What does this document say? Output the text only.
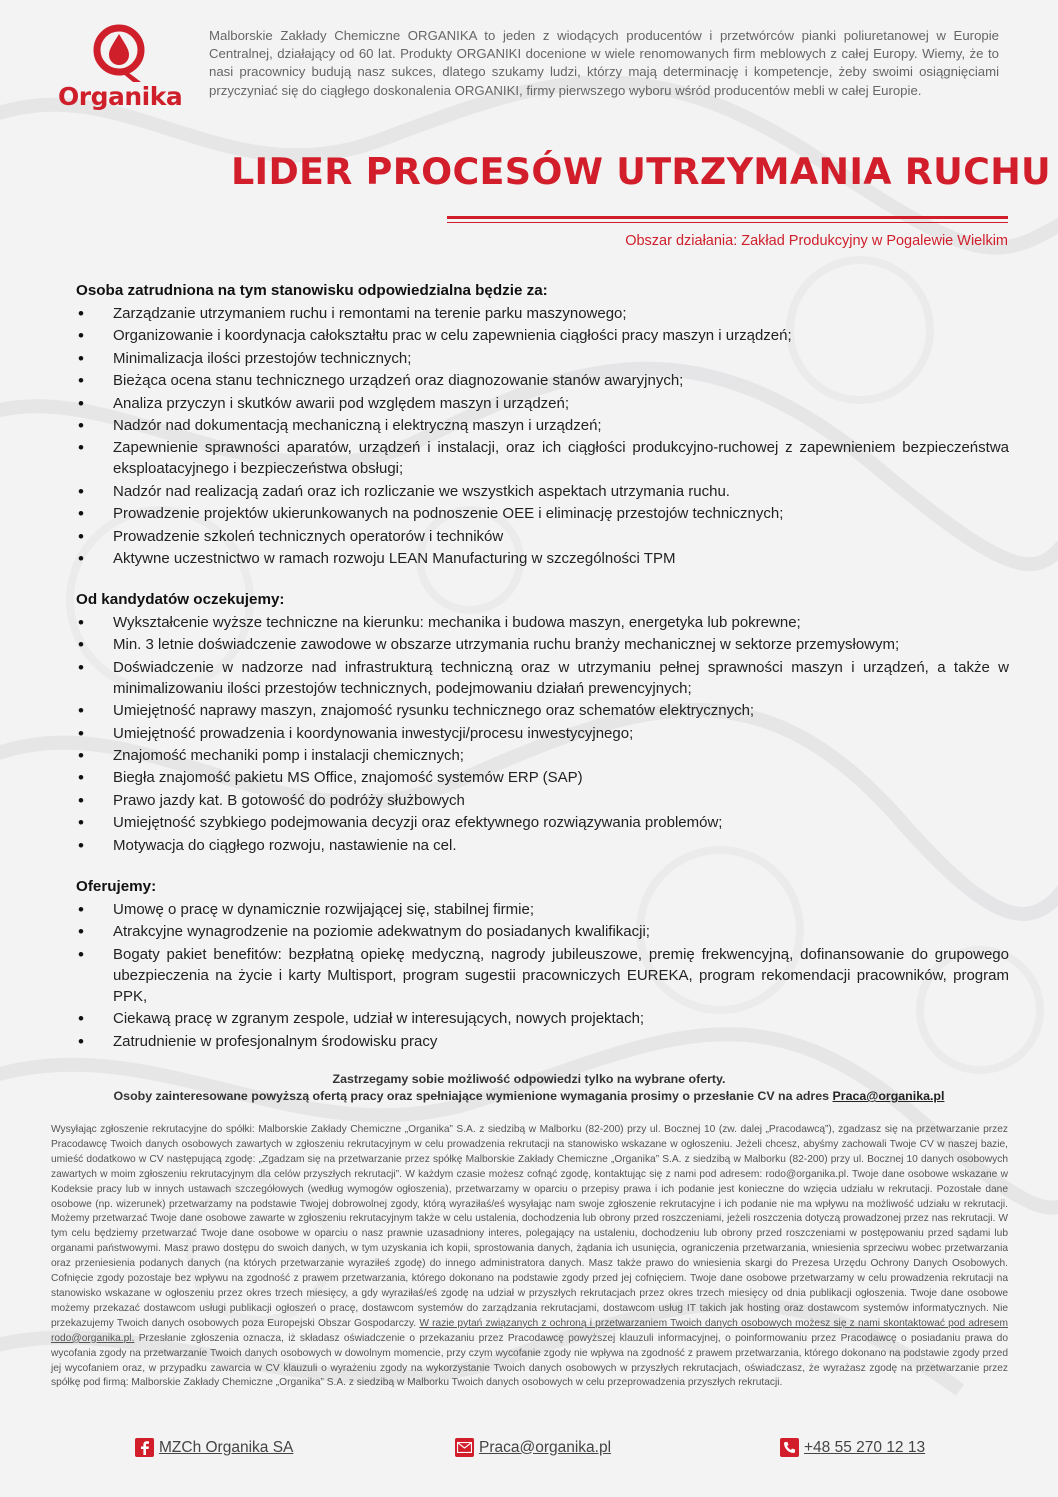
Organika
Malborskie Zakłady Chemiczne ORGANIKA to jeden z wiodących producentów i przetwórców pianki poliuretanowej w Europie Centralnej, działający od 60 lat. Produkty ORGANIKI docenione w wiele renomowanych firm meblowych z całej Europy. Wiemy, że to nasi pracownicy budują nasz sukces, dlatego szukamy ludzi, którzy mają determinację i kompetencje, żeby swoimi osiągnięciami przyczyniać się do ciągłego doskonalenia ORGANIKI, firmy pierwszego wyboru wśród producentów mebli w całej Europie.
LIDER PROCESÓW UTRZYMANIA RUCHU
Obszar działania: Zakład Produkcyjny w Pogalewie Wielkim
Osoba zatrudniona na tym stanowisku odpowiedzialna będzie za:
• Zarządzanie utrzymaniem ruchu i remontami na terenie parku maszynowego;
• Organizowanie i koordynacja całokształtu prac w celu zapewnienia ciągłości pracy maszyn i urządzeń;
• Minimalizacja ilości przestojów technicznych;
• Bieżąca ocena stanu technicznego urządzeń oraz diagnozowanie stanów awaryjnych;
• Analiza przyczyn i skutków awarii pod względem maszyn i urządzeń;
• Nadzór nad dokumentacją mechaniczną i elektryczną maszyn i urządzeń;
• Zapewnienie sprawności aparatów, urządzeń i instalacji, oraz ich ciągłości produkcyjno-ruchowej z zapewnieniem bezpieczeństwa eksploatacyjnego i bezpieczeństwa obsługi;
• Nadzór nad realizacją zadań oraz ich rozliczanie we wszystkich aspektach utrzymania ruchu.
• Prowadzenie projektów ukierunkowanych na podnoszenie OEE i eliminację przestojów technicznych;
• Prowadzenie szkoleń technicznych operatorów i techników
• Aktywne uczestnictwo w ramach rozwoju LEAN Manufacturing w szczególności TPM
Od kandydatów oczekujemy:
• Wykształcenie wyższe techniczne na kierunku: mechanika i budowa maszyn, energetyka lub pokrewne;
• Min. 3 letnie doświadczenie zawodowe w obszarze utrzymania ruchu branży mechanicznej w sektorze przemysłowym;
• Doświadczenie w nadzorze nad infrastrukturą techniczną oraz w utrzymaniu pełnej sprawności maszyn i urządzeń, a także w minimalizowaniu ilości przestojów technicznych, podejmowaniu działań prewencyjnych;
• Umiejętność naprawy maszyn, znajomość rysunku technicznego oraz schematów elektrycznych;
• Umiejętność prowadzenia i koordynowania inwestycji/procesu inwestycyjnego;
• Znajomość mechaniki pomp i instalacji chemicznych;
• Biegła znajomość pakietu MS Office, znajomość systemów ERP (SAP)
• Prawo jazdy kat. B gotowość do podróży służbowych
• Umiejętność szybkiego podejmowania decyzji oraz efektywnego rozwiązywania problemów;
• Motywacja do ciągłego rozwoju, nastawienie na cel.
Oferujemy:
• Umowę o pracę w dynamicznie rozwijającej się, stabilnej firmie;
• Atrakcyjne wynagrodzenie na poziomie adekwatnym do posiadanych kwalifikacji;
• Bogaty pakiet benefitów: bezpłatną opiekę medyczną, nagrody jubileuszowe, premię frekwencyjną, dofinansowanie do grupowego ubezpieczenia na życie i karty Multisport, program sugestii pracowniczych EUREKA, program rekomendacji pracowników, program PPK,
• Ciekawą pracę w zgranym zespole, udział w interesujących, nowych projektach;
• Zatrudnienie w profesjonalnym środowisku pracy
Zastrzegamy sobie możliwość odpowiedzi tylko na wybrane oferty.
Osoby zainteresowane powyższą ofertą pracy oraz spełniające wymienione wymagania prosimy o przesłanie CV na adres Praca@organika.pl
Wysyłając zgłoszenie rekrutacyjne do spółki: Malborskie Zakłady Chemiczne „Organika” S.A. z siedzibą w Malborku (82-200) przy ul. Bocznej 10 (zw. dalej „Pracodawcą”), zgadzasz się na przetwarzanie przez Pracodawcę Twoich danych osobowych zawartych w zgłoszeniu rekrutacyjnym w celu prowadzenia rekrutacji na stanowisko wskazane w ogłoszeniu. Jeżeli chcesz, abyśmy zachowali Twoje CV w naszej bazie, umieść dodatkowo w CV następującą zgodę: „Zgadzam się na przetwarzanie przez spółkę Malborskie Zakłady Chemiczne „Organika” S.A. z siedzibą w Malborku (82-200) przy ul. Bocznej 10 danych osobowych zawartych w moim zgłoszeniu rekrutacyjnym dla celów przyszłych rekrutacji”. W każdym czasie możesz cofnąć zgodę, kontaktując się z nami pod adresem: rodo@organika.pl. Twoje dane osobowe wskazane w Kodeksie pracy lub w innych ustawach szczegółowych (według wymogów ogłoszenia), przetwarzamy w oparciu o przepisy prawa i ich podanie jest konieczne do wzięcia udziału w rekrutacji. Pozostałe dane osobowe (np. wizerunek) przetwarzamy na podstawie Twojej dobrowolnej zgody, którą wyraziłaś/eś wysyłając nam swoje zgłoszenie rekrutacyjne i ich podanie nie ma wpływu na możliwość udziału w rekrutacji. Możemy przetwarzać Twoje dane osobowe zawarte w zgłoszeniu rekrutacyjnym także w celu ustalenia, dochodzenia lub obrony przed roszczeniami, jeżeli roszczenia dotyczą prowadzonej przez nas rekrutacji. W tym celu będziemy przetwarzać Twoje dane osobowe w oparciu o nasz prawnie uzasadniony interes, polegający na ustaleniu, dochodzeniu lub obrony przed roszczeniami w postępowaniu przed sądami lub organami państwowymi. Masz prawo dostępu do swoich danych, w tym uzyskania ich kopii, sprostowania danych, żądania ich usunięcia, ograniczenia przetwarzania, wniesienia sprzeciwu wobec przetwarzania oraz przeniesienia podanych danych (na których przetwarzanie wyraziłeś zgodę) do innego administratora danych. Masz także prawo do wniesienia skargi do Prezesa Urzędu Ochrony Danych Osobowych. Cofnięcie zgody pozostaje bez wpływu na zgodność z prawem przetwarzania, którego dokonano na podstawie zgody przed jej cofnięciem. Twoje dane osobowe przetwarzamy w celu prowadzenia rekrutacji na stanowisko wskazane w ogłoszeniu przez okres trzech miesięcy, a gdy wyraziłaś/eś zgodę na udział w przyszłych rekrutacjach przez okres trzech miesięcy od dnia publikacji ogłoszenia. Twoje dane osobowe możemy przekazać dostawcom usługi publikacji ogłoszeń o pracę, dostawcom systemów do zarządzania rekrutacjami, dostawcom usług IT takich jak hosting oraz dostawcom systemów informatycznych. Nie przekazujemy Twoich danych osobowych poza Europejski Obszar Gospodarczy. W razie pytań związanych z ochroną i przetwarzaniem Twoich danych osobowych możesz się z nami skontaktować pod adresem rodo@organika.pl. Przesłanie zgłoszenia oznacza, iż składasz oświadczenie o przekazaniu przez Pracodawcę powyższej klauzuli informacyjnej, o poinformowaniu przez Pracodawcę o posiadaniu prawa do wycofania zgody na przetwarzanie Twoich danych osobowych w dowolnym momencie, przy czym wycofanie zgody nie wpływa na zgodność z prawem przetwarzania, którego dokonano na podstawie zgody przed jej wycofaniem oraz, w przypadku zawarcia w CV klauzuli o wyrażeniu zgody na wykorzystanie Twoich danych osobowych w przyszłych rekrutacjach, oświadczasz, że wyrażasz zgodę na przetwarzanie przez spółkę pod firmą: Malborskie Zakłady Chemiczne „Organika” S.A. z siedzibą w Malborku Twoich danych osobowych w celu przeprowadzenia przyszłych rekrutacji.
MZCh Organika SA	Praca@organika.pl	+48 55 270 12 13
